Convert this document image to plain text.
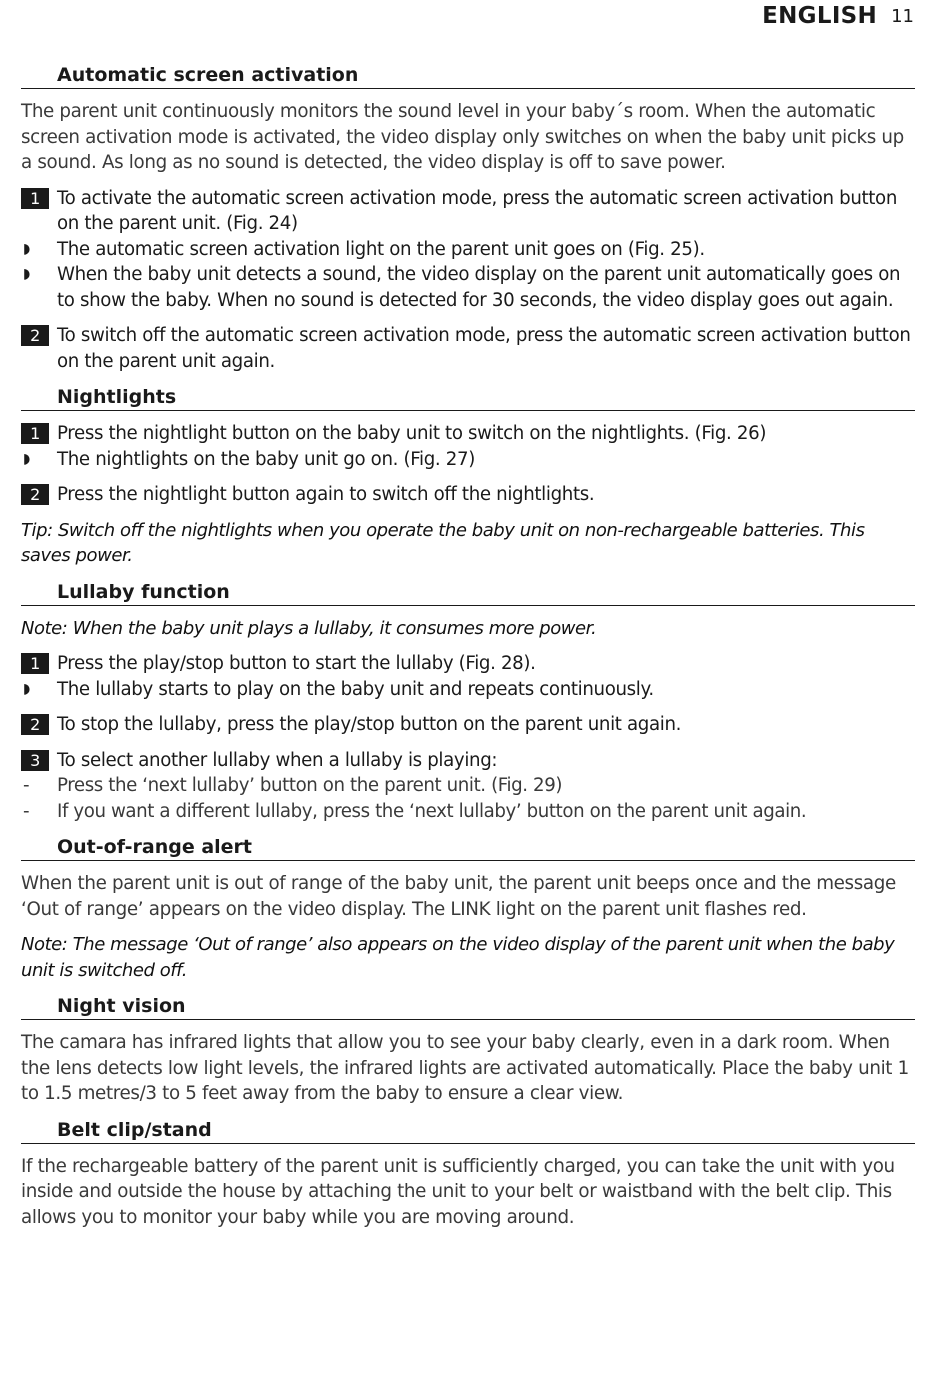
ENGLISH 11
Automatic screen activation

The parent unit continuously monitors the sound level in your baby´s room. When the automatic screen activation mode is activated, the video display only switches on when the baby unit picks up a sound. As long as no sound is detected, the video display is off to save power.

1 To activate the automatic screen activation mode, press the automatic screen activation button on the parent unit. (Fig. 24)
◗	The automatic screen activation light on the parent unit goes on (Fig. 25).
◗	When the baby unit detects a sound, the video display on the parent unit automatically goes on to show the baby. When no sound is detected for 30 seconds, the video display goes out again.
2 To switch off the automatic screen activation mode, press the automatic screen activation button on the parent unit again.
Nightlights
1 Press the nightlight button on the baby unit to switch on the nightlights. (Fig. 26)
◗	The nightlights on the baby unit go on. (Fig. 27)
2 Press the nightlight button again to switch off the nightlights.

Tip: Switch off the nightlights when you operate the baby unit on non-rechargeable batteries. This saves power.

Lullaby function

Note: When the baby unit plays a lullaby, it consumes more power.

1 Press the play/stop button to start the lullaby (Fig. 28).
◗	The lullaby starts to play on the baby unit and repeats continuously.
2 To stop the lullaby, press the play/stop button on the parent unit again.
3 To select another lullaby when a lullaby is playing:
-	Press the ‘next lullaby’ button on the parent unit. (Fig. 29)
-	If you want a different lullaby, press the ‘next lullaby’ button on the parent unit again.
Out-of-range alert

When the parent unit is out of range of the baby unit, the parent unit beeps once and the message ‘Out of range’ appears on the video display. The LINK light on the parent unit flashes red.

Note: The message ‘Out of range’ also appears on the video display of the parent unit when the baby unit is switched off.

Night vision

The camara has infrared lights that allow you to see your baby clearly, even in a dark room. When the lens detects low light levels, the infrared lights are activated automatically. Place the baby unit 1 to 1.5 metres/3 to 5 feet away from the baby to ensure a clear view.

Belt clip/stand

If the rechargeable battery of the parent unit is sufficiently charged, you can take the unit with you inside and outside the house by attaching the unit to your belt or waistband with the belt clip. This allows you to monitor your baby while you are moving around.
